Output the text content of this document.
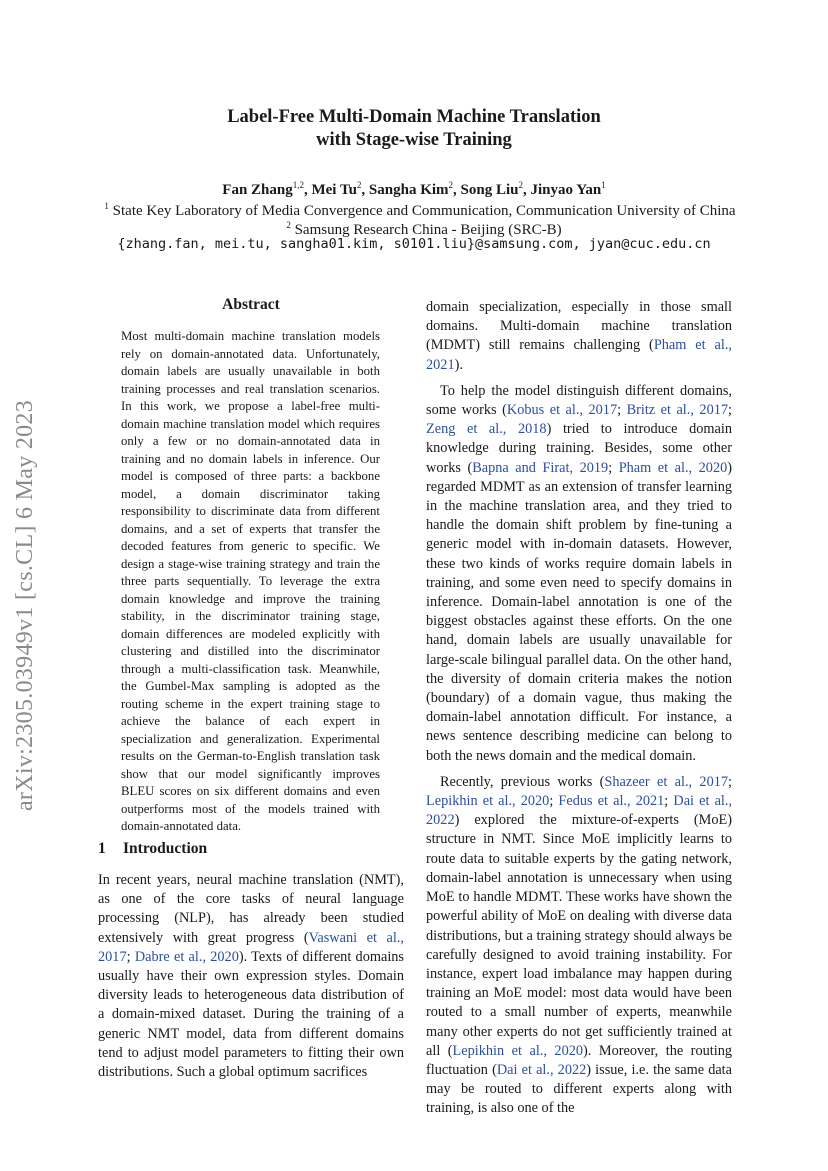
arXiv:2305.03949v1 [cs.CL] 6 May 2023
Label-Free Multi-Domain Machine Translation
with Stage-wise Training
Fan Zhang$^{1,2}$, Mei Tu$^2$, Sangha Kim$^2$, Song Liu$^2$, Jinyao Yan$^1$
$^1$ State Key Laboratory of Media Convergence and Communication, Communication University of China
$^2$ Samsung Research China - Beijing (SRC-B)
{zhang.fan, mei.tu, sangha01.kim, s0101.liu}@samsung.com, jyan@cuc.edu.cn
Abstract
Most multi-domain machine translation models rely on domain-annotated data. Unfortunately, domain labels are usually unavailable in both training processes and real translation scenarios. In this work, we propose a label-free multi-domain machine translation model which requires only a few or no domain-annotated data in training and no domain labels in inference. Our model is composed of three parts: a backbone model, a domain discriminator taking responsibility to discriminate data from different domains, and a set of experts that transfer the decoded features from generic to specific. We design a stage-wise training strategy and train the three parts sequentially. To leverage the extra domain knowledge and improve the training stability, in the discriminator training stage, domain differences are modeled explicitly with clustering and distilled into the discriminator through a multi-classification task. Meanwhile, the Gumbel-Max sampling is adopted as the routing scheme in the expert training stage to achieve the balance of each expert in specialization and generalization. Experimental results on the German-to-English translation task show that our model significantly improves BLEU scores on six different domains and even outperforms most of the models trained with domain-annotated data.
1 Introduction

In recent years, neural machine translation (NMT), as one of the core tasks of neural language processing (NLP), has already been studied extensively with great progress (Vaswani et al., 2017; Dabre et al., 2020). Texts of different domains usually have their own expression styles. Domain diversity leads to heterogeneous data distribution of a domain-mixed dataset. During the training of a generic NMT model, data from different domains tend to adjust model parameters to fitting their own distributions. Such a global optimum sacrifices

domain specialization, especially in those small domains. Multi-domain machine translation (MDMT) still remains challenging (Pham et al., 2021).

To help the model distinguish different domains, some works (Kobus et al., 2017; Britz et al., 2017; Zeng et al., 2018) tried to introduce domain knowledge during training. Besides, some other works (Bapna and Firat, 2019; Pham et al., 2020) regarded MDMT as an extension of transfer learning in the machine translation area, and they tried to handle the domain shift problem by fine-tuning a generic model with in-domain datasets. However, these two kinds of works require domain labels in training, and some even need to specify domains in inference. Domain-label annotation is one of the biggest obstacles against these efforts. On the one hand, domain labels are usually unavailable for large-scale bilingual parallel data. On the other hand, the diversity of domain criteria makes the notion (boundary) of a domain vague, thus making the domain-label annotation difficult. For instance, a news sentence describing medicine can belong to both the news domain and the medical domain.

Recently, previous works (Shazeer et al., 2017; Lepikhin et al., 2020; Fedus et al., 2021; Dai et al., 2022) explored the mixture-of-experts (MoE) structure in NMT. Since MoE implicitly learns to route data to suitable experts by the gating network, domain-label annotation is unnecessary when using MoE to handle MDMT. These works have shown the powerful ability of MoE on dealing with diverse data distributions, but a training strategy should always be carefully designed to avoid training instability. For instance, expert load imbalance may happen during training an MoE model: most data would have been routed to a small number of experts, meanwhile many other experts do not get sufficiently trained at all (Lepikhin et al., 2020). Moreover, the routing fluctuation (Dai et al., 2022) issue, i.e. the same data may be routed to different experts along with training, is also one of the
